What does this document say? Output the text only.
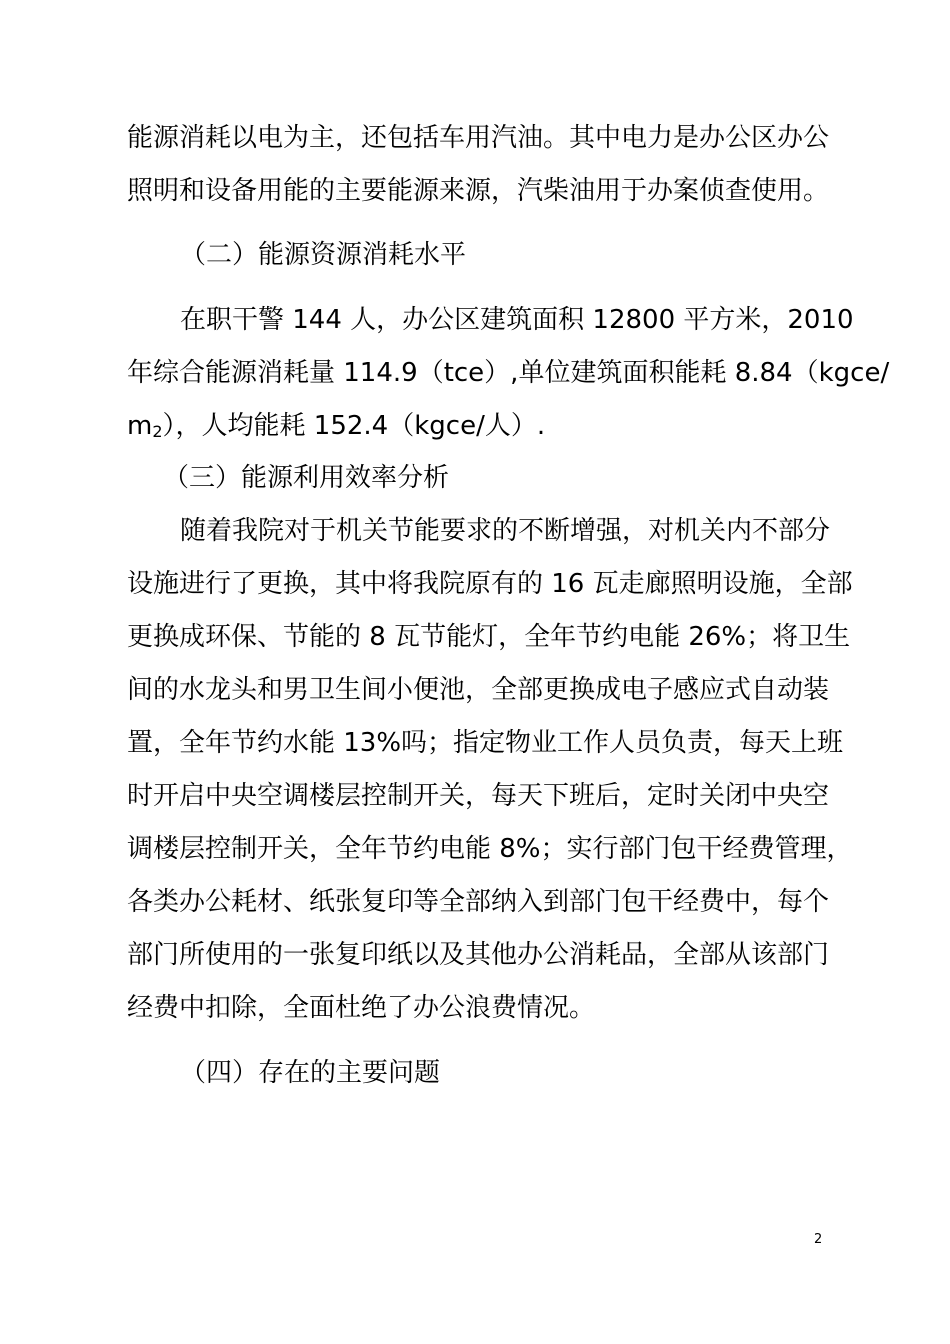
能源消耗以电为主，还包括车用汽油。其中电力是办公区办公
照明和设备用能的主要能源来源，汽柴油用于办案侦查使用。
（二）能源资源消耗水平
在职干警 144 人，办公区建筑面积 12800 平方米，2010
年综合能源消耗量 114.9（tce）,单位建筑面积能耗 8.84（kgce/
m2），人均能耗 152.4（kgce/人）.
（三）能源利用效率分析
随着我院对于机关节能要求的不断增强，对机关内不部分
设施进行了更换，其中将我院原有的 16 瓦走廊照明设施，全部
更换成环保、节能的 8 瓦节能灯，全年节约电能 26%；将卫生
间的水龙头和男卫生间小便池，全部更换成电子感应式自动装
置，全年节约水能 13%吗；指定物业工作人员负责，每天上班
时开启中央空调楼层控制开关，每天下班后，定时关闭中央空
调楼层控制开关，全年节约电能 8%；实行部门包干经费管理，
各类办公耗材、纸张复印等全部纳入到部门包干经费中，每个
部门所使用的一张复印纸以及其他办公消耗品，全部从该部门
经费中扣除，全面杜绝了办公浪费情况。
（四）存在的主要问题
2
